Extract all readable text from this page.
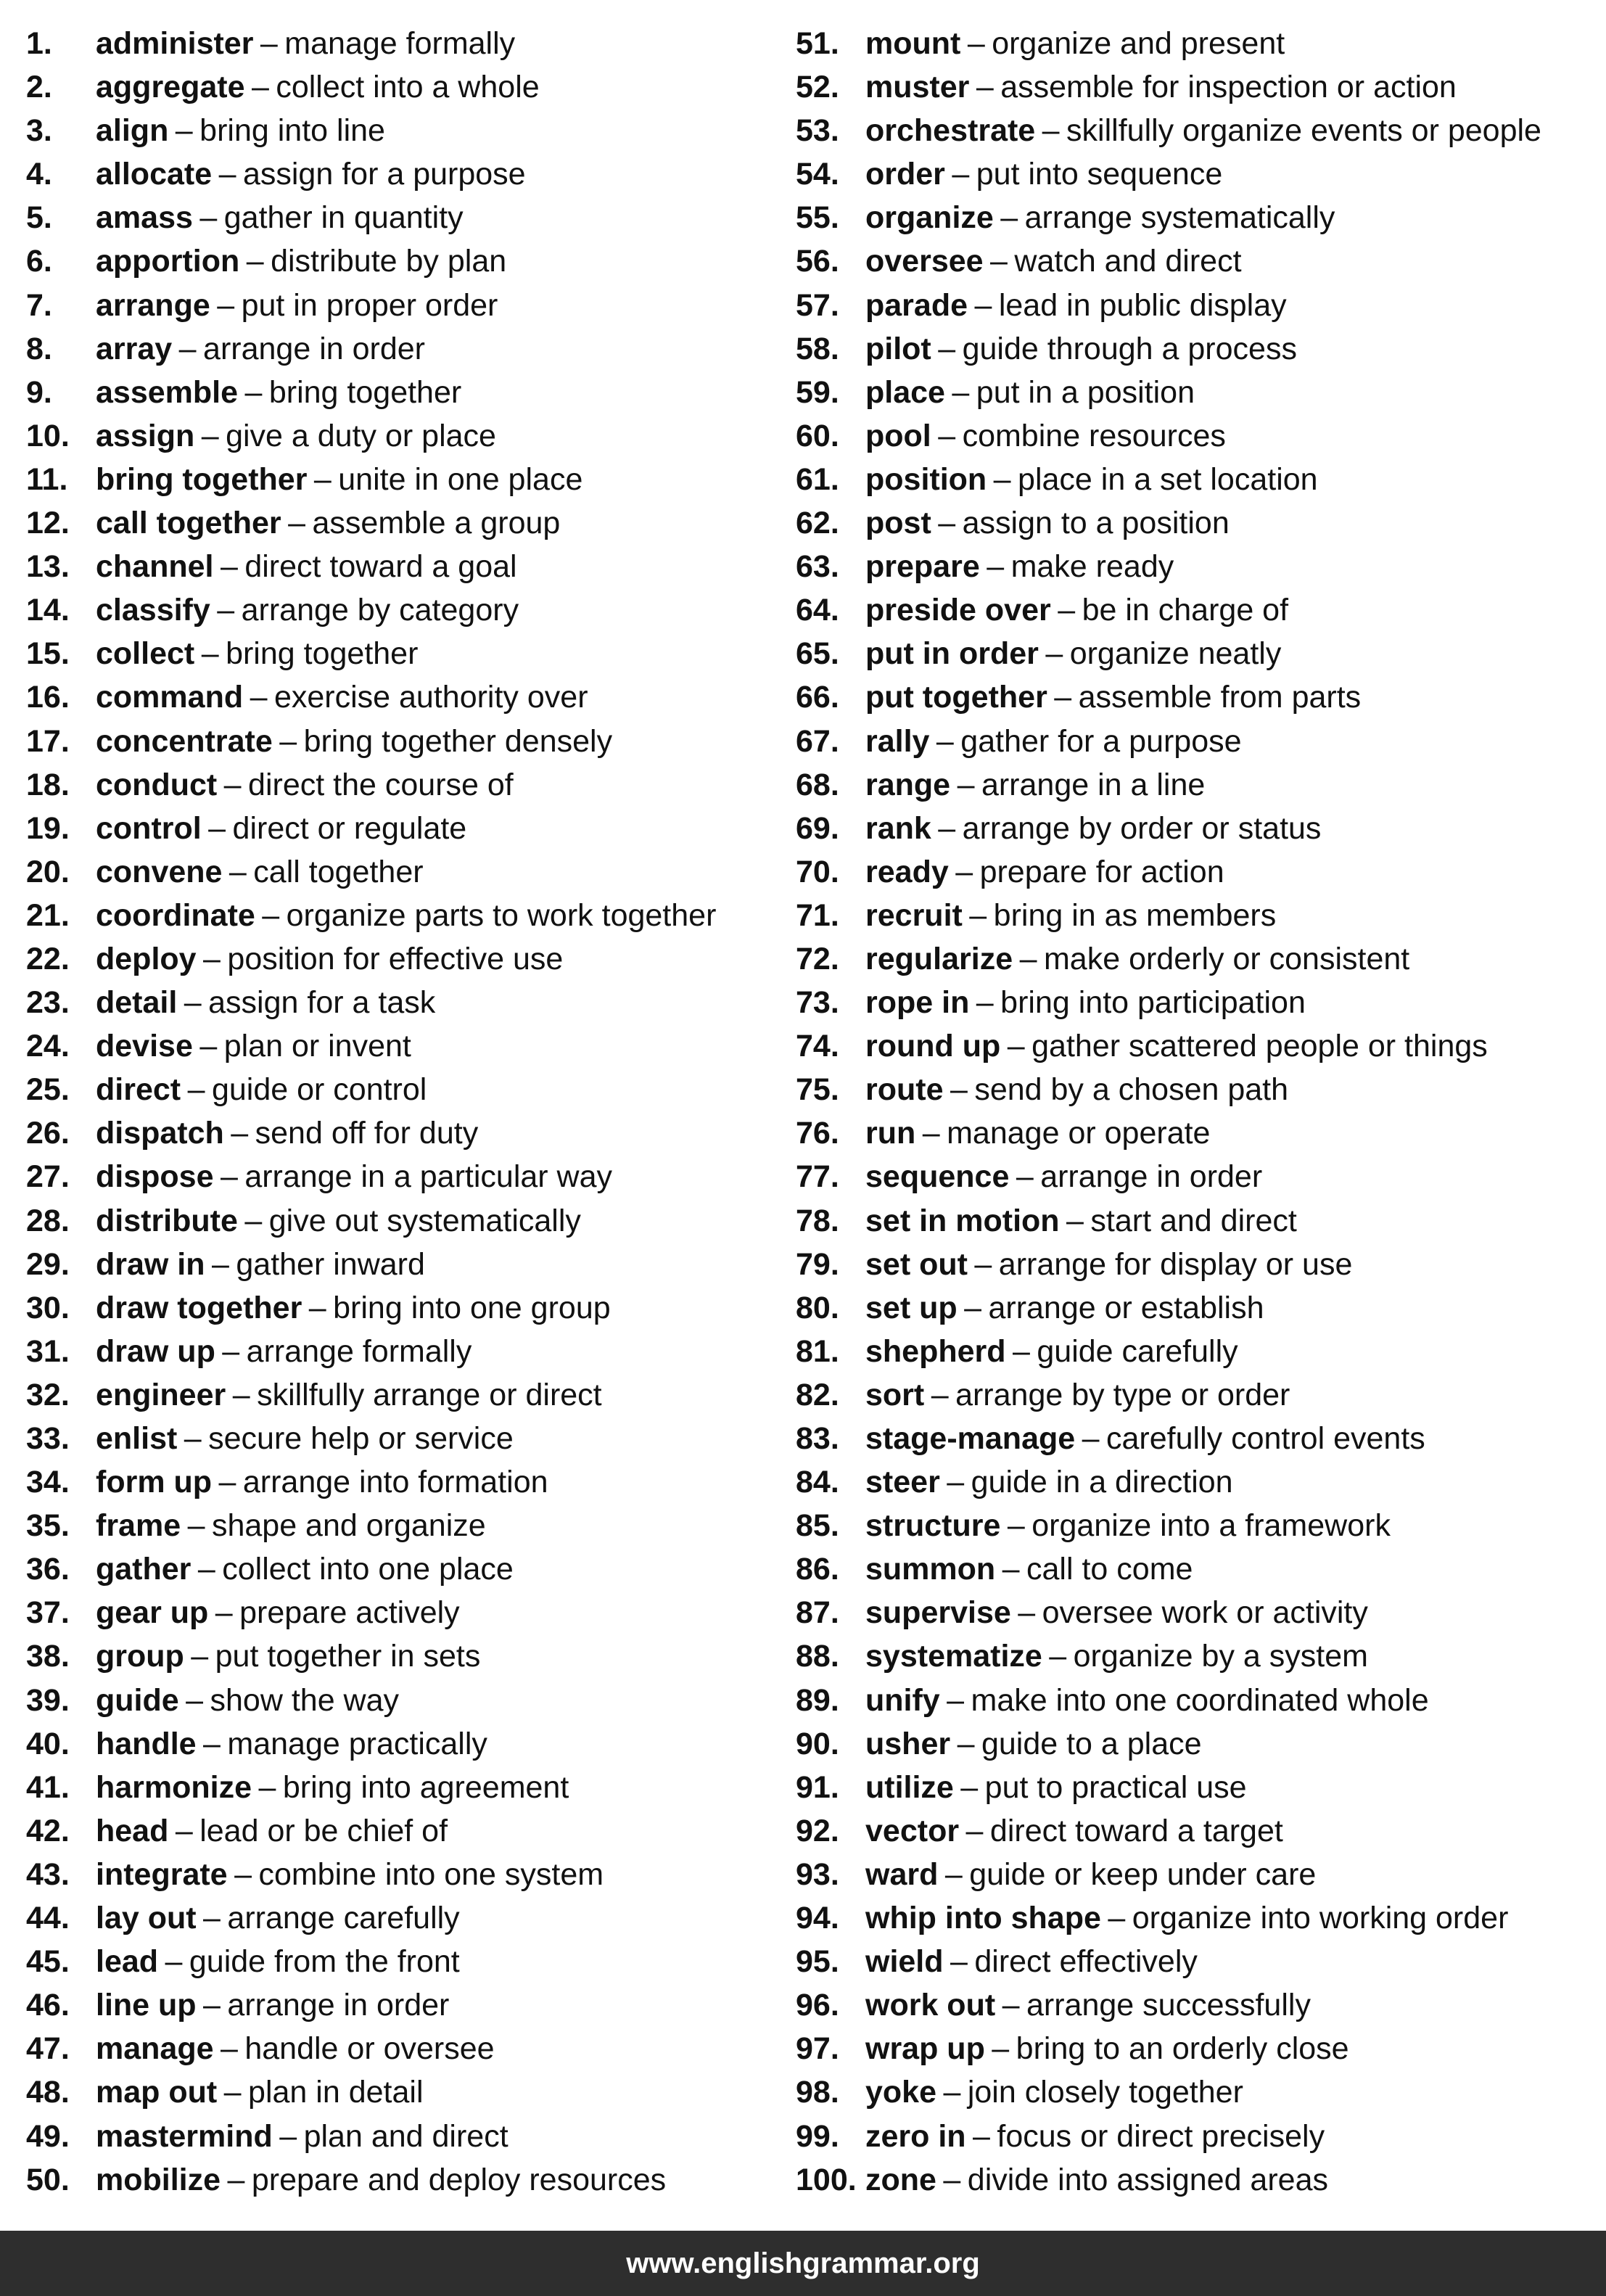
1.	administer – manage formally
2.	aggregate – collect into a whole
3.	align – bring into line
4.	allocate – assign for a purpose
5.	amass – gather in quantity
6.	apportion – distribute by plan
7.	arrange – put in proper order
8.	array – arrange in order
9.	assemble – bring together
10. assign – give a duty or place
11. bring together – unite in one place
12. call together – assemble a group
13. channel – direct toward a goal
14. classify – arrange by category
15. collect – bring together
16. command – exercise authority over
17. concentrate – bring together densely
18. conduct – direct the course of
19. control – direct or regulate
20. convene – call together
21. coordinate – organize parts to work together
22. deploy – position for effective use
23. detail – assign for a task
24. devise – plan or invent
25. direct – guide or control
26. dispatch – send off for duty
27. dispose – arrange in a particular way
28. distribute – give out systematically
29. draw in – gather inward
30. draw together – bring into one group
31. draw up – arrange formally
32. engineer – skillfully arrange or direct
33. enlist – secure help or service
34. form up – arrange into formation
35. frame – shape and organize
36. gather – collect into one place
37. gear up – prepare actively
38. group – put together in sets
39. guide – show the way
40. handle – manage practically
41. harmonize – bring into agreement
42. head – lead or be chief of
43. integrate – combine into one system
44. lay out – arrange carefully
45. lead – guide from the front
46. line up – arrange in order
47. manage – handle or oversee
48. map out – plan in detail
49. mastermind – plan and direct
50. mobilize – prepare and deploy resources
51. mount – organize and present
52. muster – assemble for inspection or action
53. orchestrate – skillfully organize events or people
54. order – put into sequence
55. organize – arrange systematically
56. oversee – watch and direct
57. parade – lead in public display
58. pilot – guide through a process
59. place – put in a position
60. pool – combine resources
61. position – place in a set location
62. post – assign to a position
63. prepare – make ready
64. preside over – be in charge of
65. put in order – organize neatly
66. put together – assemble from parts
67. rally – gather for a purpose
68. range – arrange in a line
69. rank – arrange by order or status
70. ready – prepare for action
71. recruit – bring in as members
72. regularize – make orderly or consistent
73. rope in – bring into participation
74. round up – gather scattered people or things
75. route – send by a chosen path
76. run – manage or operate
77. sequence – arrange in order
78. set in motion – start and direct
79. set out – arrange for display or use
80. set up – arrange or establish
81. shepherd – guide carefully
82. sort – arrange by type or order
83. stage-manage – carefully control events
84. steer – guide in a direction
85. structure – organize into a framework
86. summon – call to come
87. supervise – oversee work or activity
88. systematize – organize by a system
89. unify – make into one coordinated whole
90. usher – guide to a place
91. utilize – put to practical use
92. vector – direct toward a target
93. ward – guide or keep under care
94. whip into shape – organize into working order
95. wield – direct effectively
96. work out – arrange successfully
97. wrap up – bring to an orderly close
98. yoke – join closely together
99. zero in – focus or direct precisely
100. zone – divide into assigned areas
www.englishgrammar.org
